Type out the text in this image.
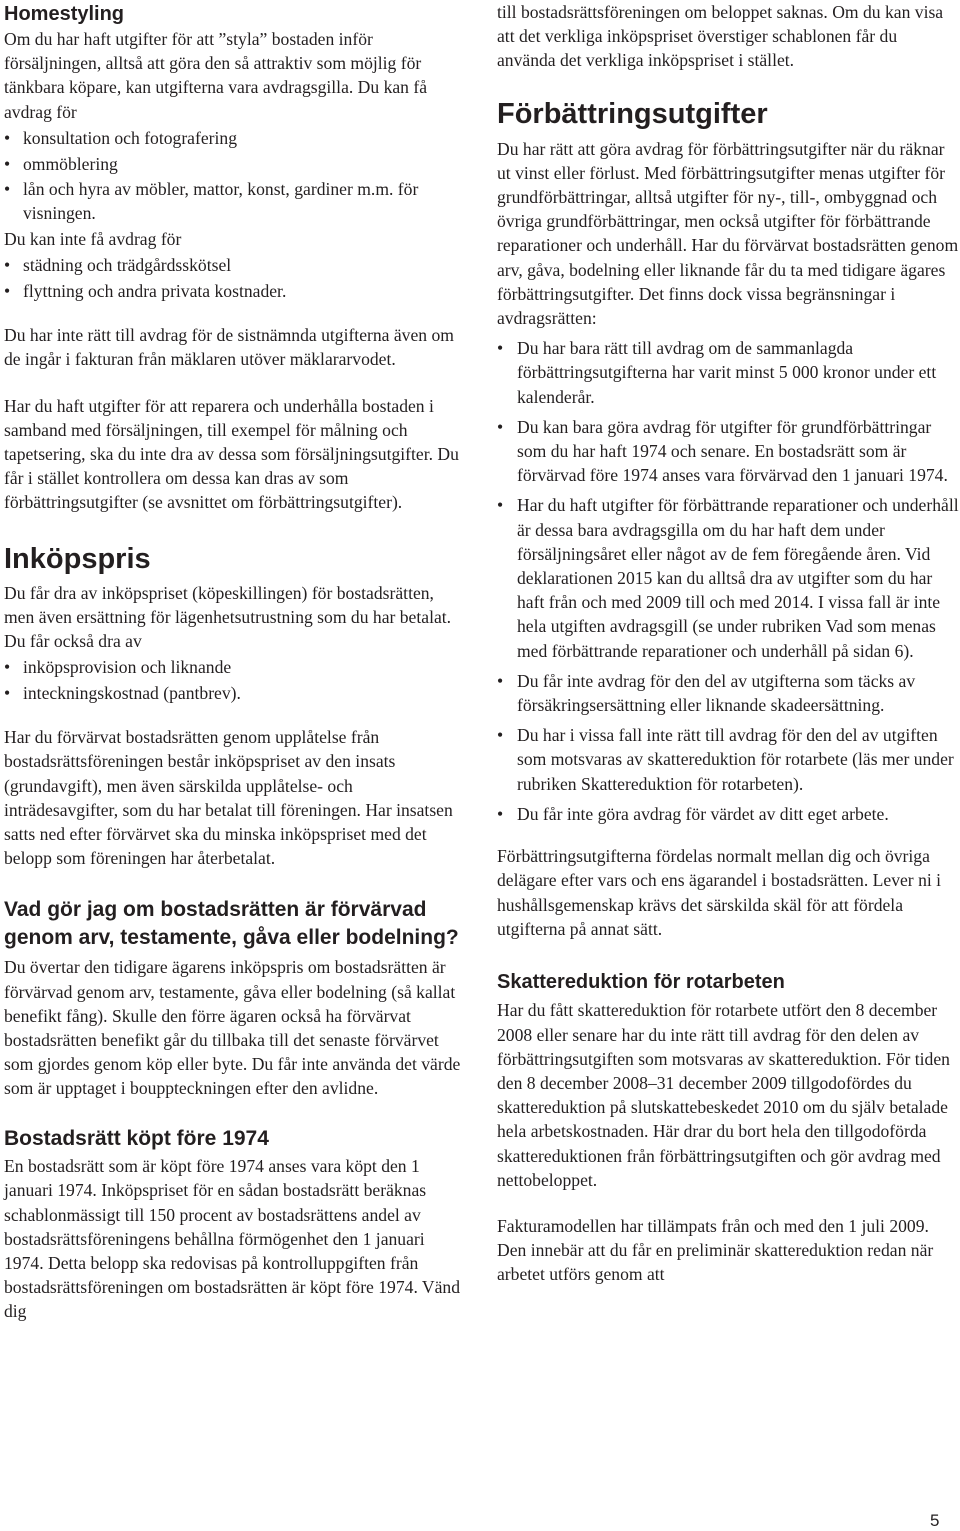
Homestyling

Om du har haft utgifter för att ”styla” bostaden inför försäljningen, alltså att göra den så attraktiv som möjlig för tänkbara köpare, kan utgifterna vara avdragsgilla. Du kan få avdrag för

• konsultation och fotografering
• ommöblering
• lån och hyra av möbler, mattor, konst, gardiner m.m. för visningen.

Du kan inte få avdrag för

• städning och trädgårdsskötsel
• flyttning och andra privata kostnader.

Du har inte rätt till avdrag för de sistnämnda utgifterna även om de ingår i fakturan från mäklaren utöver mäklararvodet.

Har du haft utgifter för att reparera och underhålla bostaden i samband med försäljningen, till exempel för målning och tapetsering, ska du inte dra av dessa som försäljningsutgifter. Du får i stället kontrollera om dessa kan dras av som förbättringsutgifter (se avsnittet om förbättringsutgifter).

Inköpspris

Du får dra av inköpspriset (köpeskillingen) för bostadsrätten, men även ersättning för lägenhetsutrustning som du har betalat. Du får också dra av

• inköpsprovision och liknande
• inteckningskostnad (pantbrev).

Har du förvärvat bostadsrätten genom upplåtelse från bostadsrättsföreningen består inköpspriset av den insats (grundavgift), men även särskilda upplåtelse- och inträdesavgifter, som du har betalat till föreningen. Har insatsen satts ned efter förvärvet ska du minska inköpspriset med det belopp som föreningen har återbetalat.

Vad gör jag om bostadsrätten är förvärvad genom arv, testamente, gåva eller bodelning?

Du övertar den tidigare ägarens inköpspris om bostadsrätten är förvärvad genom arv, testamente, gåva eller bodelning (så kallat benefikt fång). Skulle den förre ägaren också ha förvärvat bostadsrätten benefikt går du tillbaka till det senaste förvärvet som gjordes genom köp eller byte. Du får inte använda det värde som är upptaget i bouppteckningen efter den avlidne.

Bostadsrätt köpt före 1974

En bostadsrätt som är köpt före 1974 anses vara köpt den 1 januari 1974. Inköpspriset för en sådan bostadsrätt beräknas schablonmässigt till 150 procent av bostadsrättens andel av bostadsrättsföreningens behållna förmögenhet den 1 januari 1974. Detta belopp ska redovisas på kontrolluppgiften från bostadsrättsföreningen om bostadsrätten är köpt före 1974. Vänd dig

till bostadsrättsföreningen om beloppet saknas. Om du kan visa att det verkliga inköpspriset överstiger schablonen får du använda det verkliga inköpspriset i stället.

Förbättringsutgifter

Du har rätt att göra avdrag för förbättringsutgifter när du räknar ut vinst eller förlust. Med förbättringsutgifter menas utgifter för grundförbättringar, alltså utgifter för ny-, till-, ombyggnad och övriga grundförbättringar, men också utgifter för förbättrande reparationer och underhåll. Har du förvärvat bostadsrätten genom arv, gåva, bodelning eller liknande får du ta med tidigare ägares förbättringsutgifter. Det finns dock vissa begränsningar i avdragsrätten:

• Du har bara rätt till avdrag om de sammanlagda förbättringsutgifterna har varit minst 5 000 kronor under ett kalenderår.
• Du kan bara göra avdrag för utgifter för grundförbättringar som du har haft 1974 och senare. En bostadsrätt som är förvärvad före 1974 anses vara förvärvad den 1 januari 1974.
• Har du haft utgifter för förbättrande reparationer och underhåll är dessa bara avdragsgilla om du har haft dem under försäljningsåret eller något av de fem föregående åren. Vid deklarationen 2015 kan du alltså dra av utgifter som du har haft från och med 2009 till och med 2014. I vissa fall är inte hela utgiften avdragsgill (se under rubriken Vad som menas med förbättrande reparationer och underhåll på sidan 6).
• Du får inte avdrag för den del av utgifterna som täcks av försäkringsersättning eller liknande skadeersättning.
• Du har i vissa fall inte rätt till avdrag för den del av utgiften som motsvaras av skattereduktion för rotarbete (läs mer under rubriken Skattereduktion för rotarbeten).
• Du får inte göra avdrag för värdet av ditt eget arbete.

Förbättringsutgifterna fördelas normalt mellan dig och övriga delägare efter vars och ens ägarandel i bostadsrätten. Lever ni i hushållsgemenskap krävs det särskilda skäl för att fördela utgifterna på annat sätt.

Skattereduktion för rotarbeten

Har du fått skattereduktion för rotarbete utfört den 8 december 2008 eller senare har du inte rätt till avdrag för den delen av förbättringsutgiften som motsvaras av skattereduktion. För tiden den 8 december 2008–31 december 2009 tillgodofördes du skattereduktion på slutskattebeskedet 2010 om du själv betalade hela arbetskostnaden. Här drar du bort hela den tillgodoförda skattereduktionen från förbättringsutgiften och gör avdrag med nettobeloppet.

Fakturamodellen har tillämpats från och med den 1 juli 2009. Den innebär att du får en preliminär skattereduktion redan när arbetet utförs genom att

5
